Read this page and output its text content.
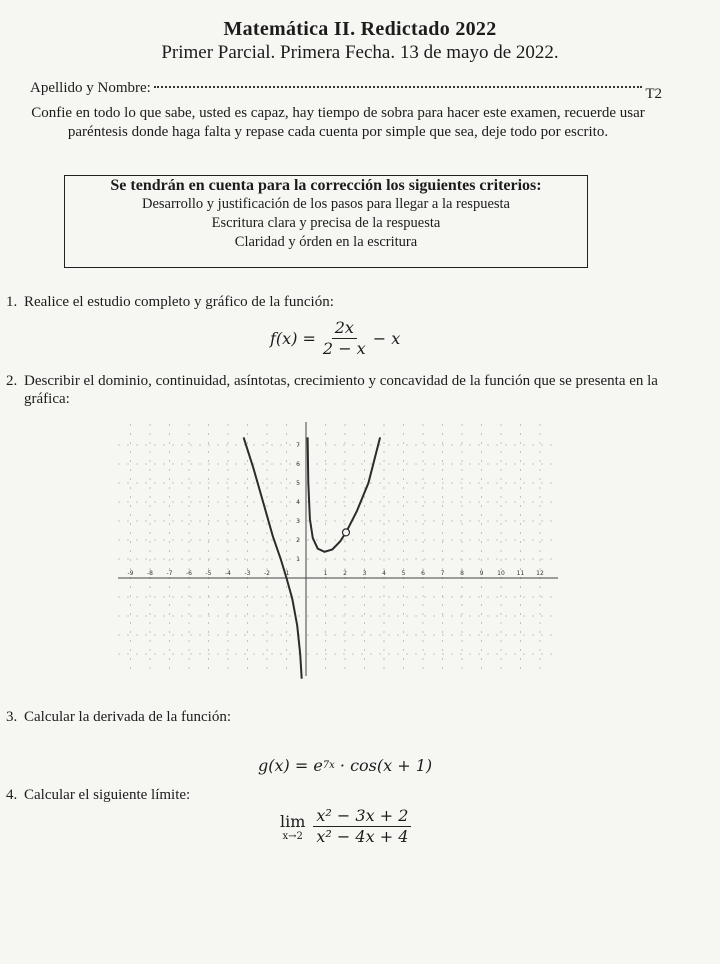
Matemática II. Redictado 2022
Primer Parcial. Primera Fecha. 13 de mayo de 2022.
Apellido y Nombre:	T2
Confie en todo lo que sabe, usted es capaz, hay tiempo de sobra para hacer este examen, recuerde usar paréntesis donde haga falta y repase cada cuenta por simple que sea, deje todo por escrito.
Se tendrán en cuenta para la corrección los siguientes criterios:
Desarrollo y justificación de los pasos para llegar a la respuesta
Escritura clara y precisa de la respuesta
Claridad y órden en la escritura
1. Realice el estudio completo y gráfico de la función:
$f(x) = \frac{2x}{2 - x} - x$
2. Describir el dominio, continuidad, asíntotas, crecimiento y concavidad de la función que se presenta en la gráfica:
-9 -8 -7 -6 -5 -4 -3 -2 -1	1	2	3	4	5	6	7	8	9 10 11 12
1
2
3
4
5
6
7
3. Calcular la derivada de la función:
g(x) = e 7x
· cos(x + 1)
4. Calcular el siguiente límite:
lim
$x\to 2 \frac{\text{x² − 3x + 2}}{\text{x² − 4x + 4}}$
